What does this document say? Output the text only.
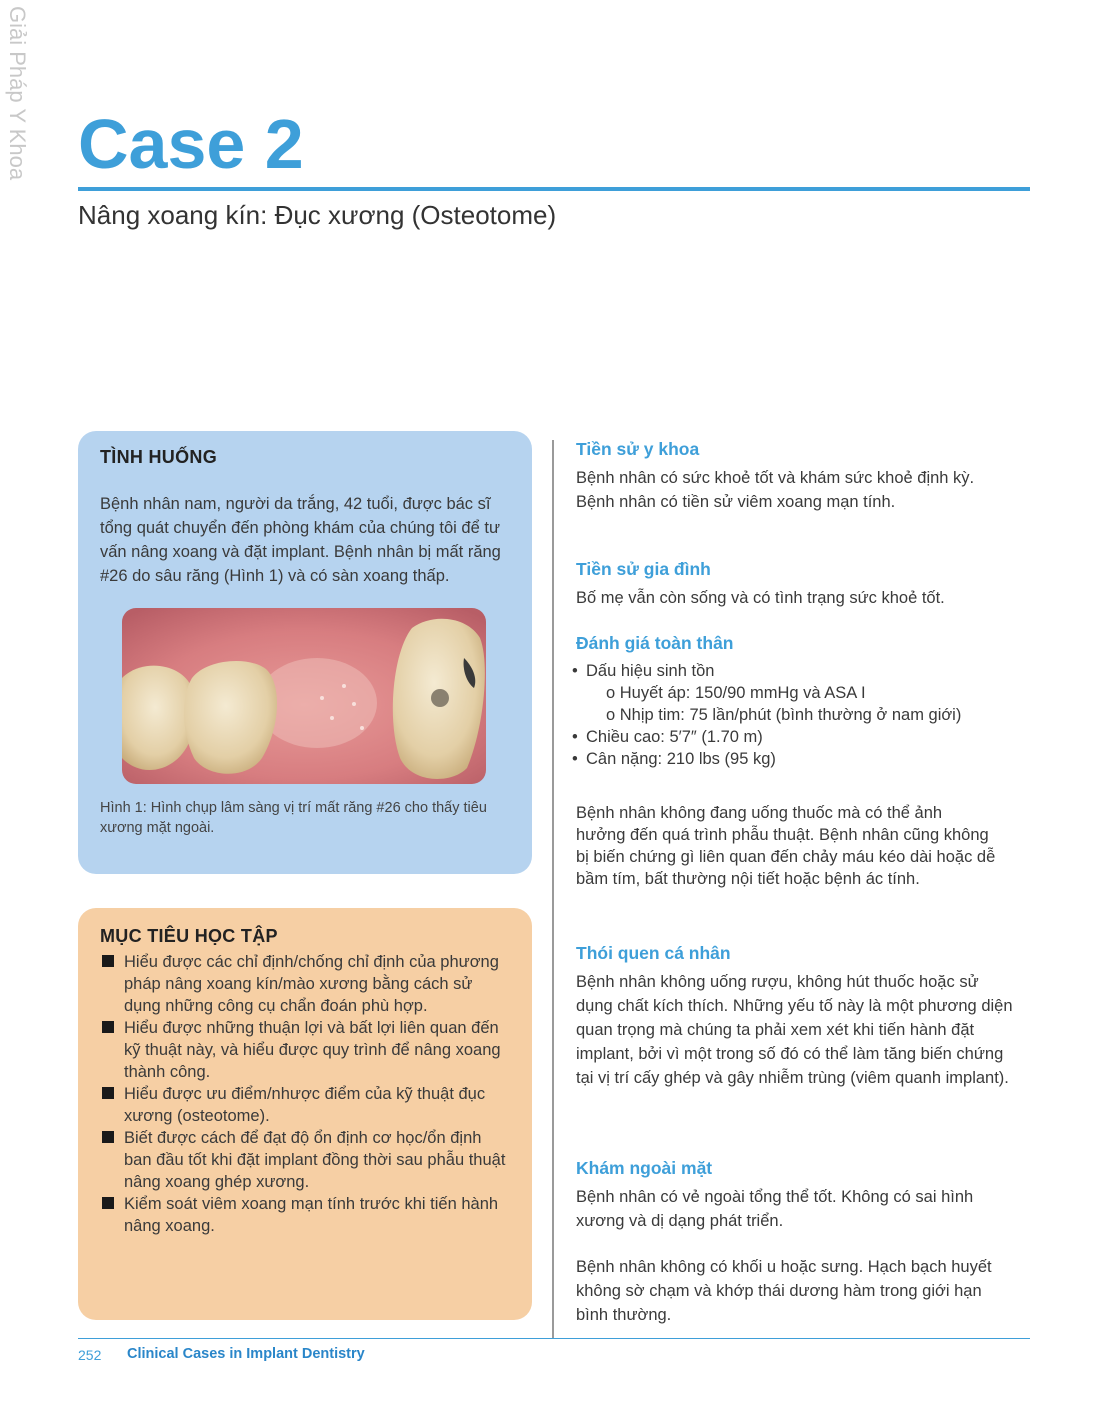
Giải Pháp Y Khoa Case 2
Nâng xoang kín: Đục xương (Osteotome)
TÌNH HUỐNG

Bệnh nhân nam, người da trắng, 42 tuổi, được bác sĩ tổng quát chuyển đến phòng khám của chúng tôi để tư vấn nâng xoang và đặt implant. Bệnh nhân bị mất răng #26 do sâu răng (Hình 1) và có sàn xoang thấp.

Hình 1: Hình chụp lâm sàng vị trí mất răng #26 cho thấy tiêu xương mặt ngoài.
MỤC TIÊU HỌC TẬP
Hiểu được các chỉ định/chống chỉ định của phương pháp nâng xoang kín/mào xương bằng cách sử dụng những công cụ chẩn đoán phù hợp.
Hiểu được những thuận lợi và bất lợi liên quan đến kỹ thuật này, và hiểu được quy trình để nâng xoang thành công.
Hiểu được ưu điểm/nhược điểm của kỹ thuật đục xương (osteotome).
Biết được cách để đạt độ ổn định cơ học/ổn định ban đầu tốt khi đặt implant đồng thời sau phẫu thuật nâng xoang ghép xương.
Kiểm soát viêm xoang mạn tính trước khi tiến hành nâng xoang.
Tiền sử y khoa

Bệnh nhân có sức khoẻ tốt và khám sức khoẻ định kỳ. Bệnh nhân có tiền sử viêm xoang mạn tính.

Tiền sử gia đình

Bố mẹ vẫn còn sống và có tình trạng sức khoẻ tốt.

Đánh giá toàn thân
• Dấu hiệu sinh tồn
o Huyết áp: 150/90 mmHg và ASA I
o Nhịp tim: 75 lần/phút (bình thường ở nam giới)
• Chiều cao: 5′7″ (1.70 m)
• Cân nặng: 210 lbs (95 kg)

Bệnh nhân không đang uống thuốc mà có thể ảnh hưởng đến quá trình phẫu thuật. Bệnh nhân cũng không bị biến chứng gì liên quan đến chảy máu kéo dài hoặc dễ bầm tím, bất thường nội tiết hoặc bệnh ác tính.

Thói quen cá nhân

Bệnh nhân không uống rượu, không hút thuốc hoặc sử dụng chất kích thích. Những yếu tố này là một phương diện quan trọng mà chúng ta phải xem xét khi tiến hành đặt implant, bởi vì một trong số đó có thể làm tăng biến chứng tại vị trí cấy ghép và gây nhiễm trùng (viêm quanh implant).

Khám ngoài mặt

Bệnh nhân có vẻ ngoài tổng thể tốt. Không có sai hình xương và dị dạng phát triển.

Bệnh nhân không có khối u hoặc sưng. Hạch bạch huyết không sờ chạm và khớp thái dương hàm trong giới hạn bình thường.

252 Clinical Cases in Implant Dentistry
